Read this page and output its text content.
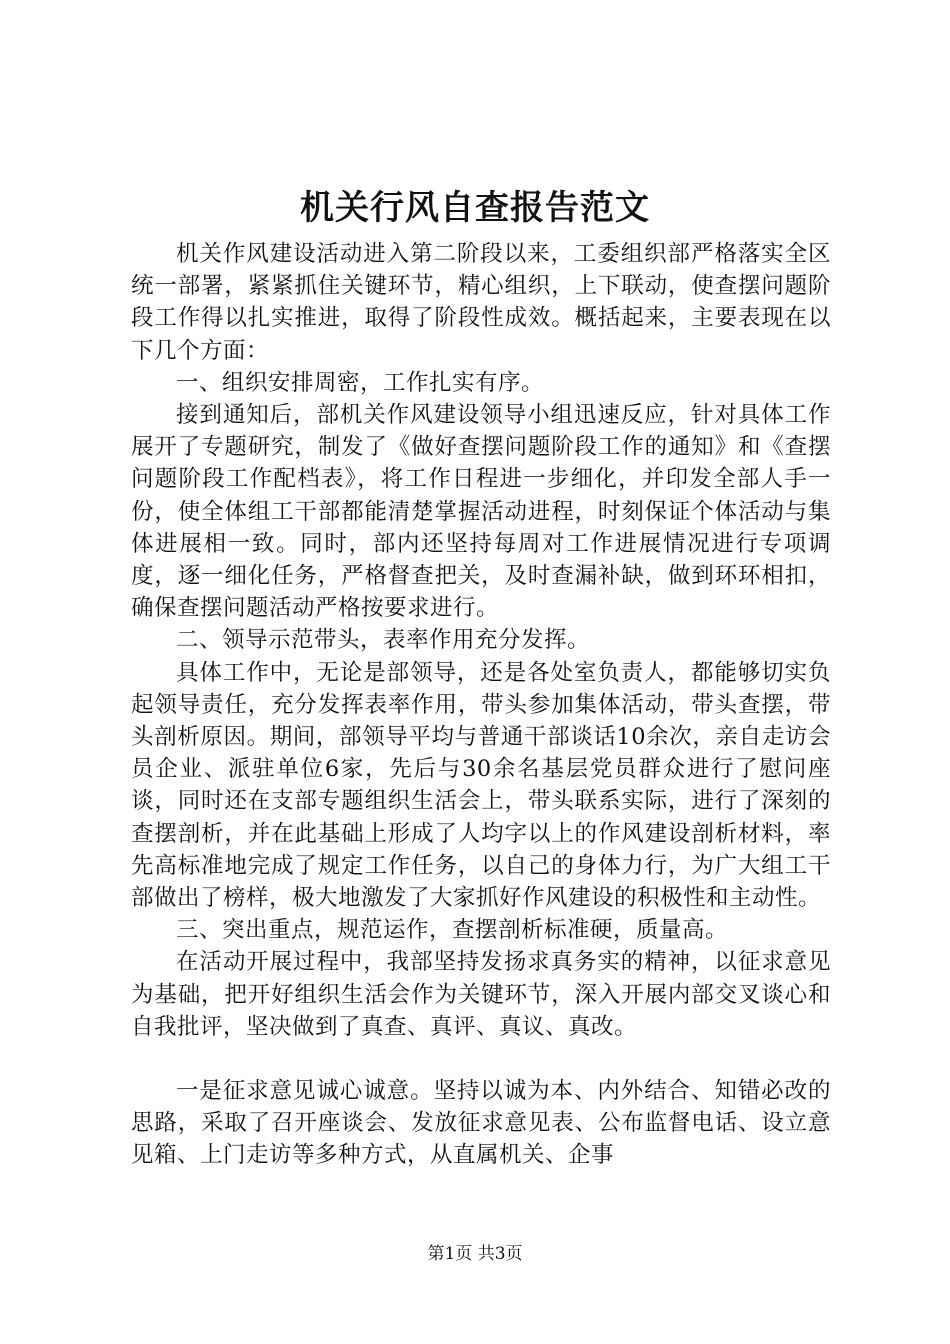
机关行风自查报告范文

机关作风建设活动进入第二阶段以来，工委组织部严格落实全区统一部署，紧紧抓住关键环节，精心组织，上下联动，使查摆问题阶段工作得以扎实推进，取得了阶段性成效。概括起来，主要表现在以下几个方面：

一、组织安排周密，工作扎实有序。

接到通知后，部机关作风建设领导小组迅速反应，针对具体工作展开了专题研究，制发了《做好查摆问题阶段工作的通知》和《查摆问题阶段工作配档表》，将工作日程进一步细化，并印发全部人手一份，使全体组工干部都能清楚掌握活动进程，时刻保证个体活动与集体进展相一致。同时，部内还坚持每周对工作进展情况进行专项调度，逐一细化任务，严格督查把关，及时查漏补缺，做到环环相扣，确保查摆问题活动严格按要求进行。

二、领导示范带头，表率作用充分发挥。

具体工作中，无论是部领导，还是各处室负责人，都能够切实负起领导责任，充分发挥表率作用，带头参加集体活动，带头查摆，带头剖析原因。期间，部领导平均与普通干部谈话10余次，亲自走访会员企业、派驻单位6家，先后与30余名基层党员群众进行了慰问座谈，同时还在支部专题组织生活会上，带头联系实际，进行了深刻的查摆剖析，并在此基础上形成了人均字以上的作风建设剖析材料，率先高标准地完成了规定工作任务，以自己的身体力行，为广大组工干部做出了榜样，极大地激发了大家抓好作风建设的积极性和主动性。

三、突出重点，规范运作，查摆剖析标准硬，质量高。

在活动开展过程中，我部坚持发扬求真务实的精神，以征求意见为基础，把开好组织生活会作为关键环节，深入开展内部交叉谈心和自我批评，坚决做到了真查、真评、真议、真改。

一是征求意见诚心诚意。坚持以诚为本、内外结合、知错必改的思路，采取了召开座谈会、发放征求意见表、公布监督电话、设立意见箱、上门走访等多种方式，从直属机关、企事

第1页 共3页
